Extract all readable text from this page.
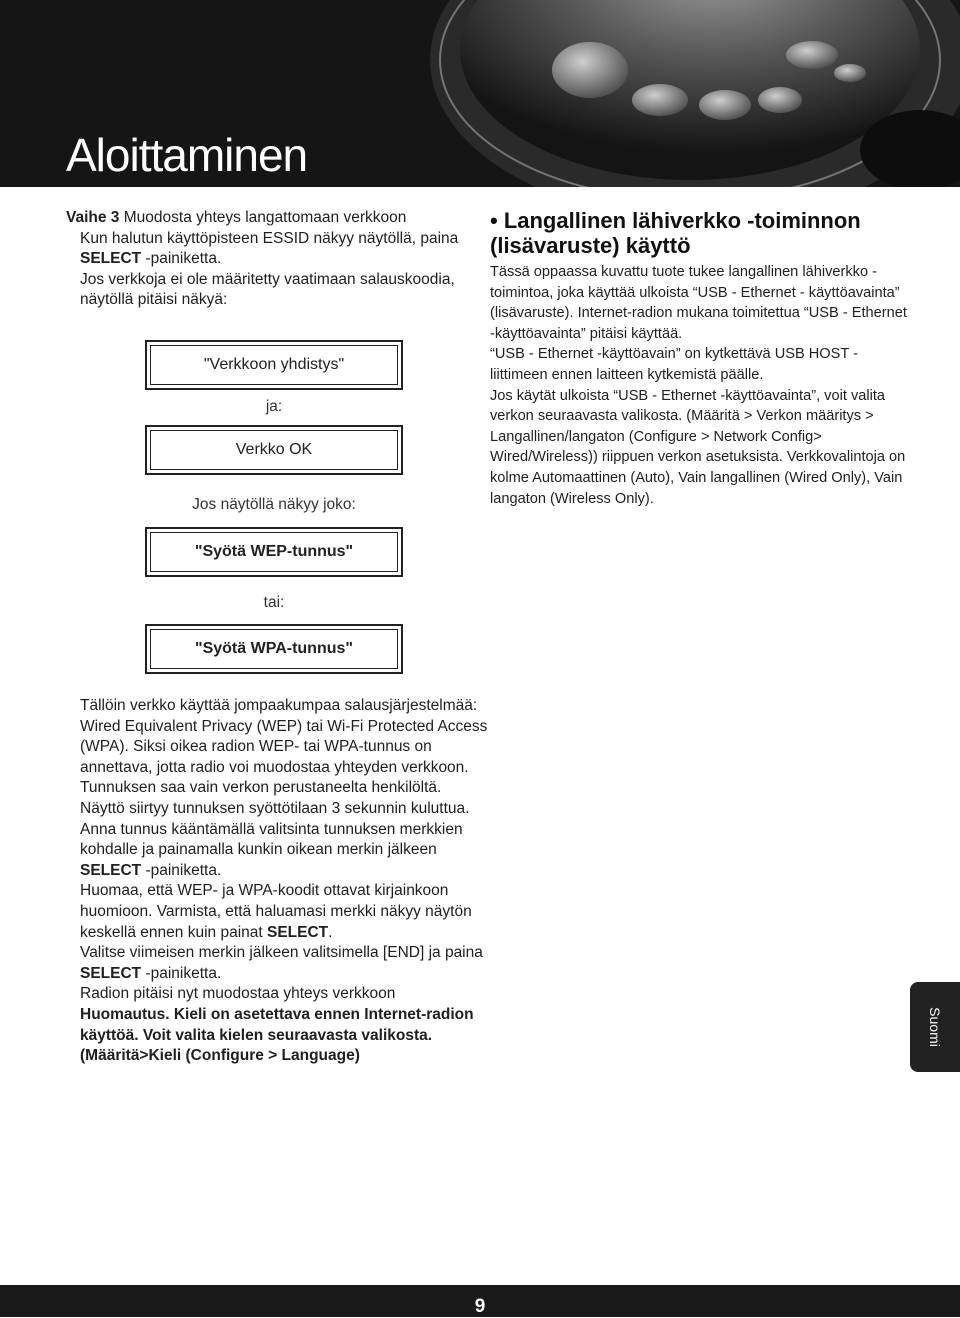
Aloittaminen

Vaihe 3 Muodosta yhteys langattomaan verkkoon

Kun halutun käyttöpisteen ESSID näkyy näytöllä, paina
SELECT -painiketta.

Jos verkkoja ei ole määritetty vaatimaan salauskoodia, näytöllä pitäisi näkyä:

"Verkkoon yhdistys"
ja:
Verkko OK
Jos näytöllä näkyy joko:
"Syötä WEP-tunnus"
tai:
"Syötä WPA-tunnus"
• Langallinen lähiverkko -toiminnon (lisävaruste) käyttö

Tässä oppaassa kuvattu tuote tukee langallinen lähiverkko -toimintoa, joka käyttää ulkoista “USB - Ethernet - käyttöavainta” (lisävaruste). Internet-radion mukana toimitettua “USB - Ethernet -käyttöavainta” pitäisi käyttää.

“USB - Ethernet -käyttöavain” on kytkettävä USB HOST -liittimeen ennen laitteen kytkemistä päälle.

Jos käytät ulkoista “USB - Ethernet -käyttöavainta”, voit valita verkon seuraavasta valikosta. (Määritä > Verkon määritys > Langallinen/langaton (Configure > Network Config> Wired/Wireless)) riippuen verkon asetuksista. Verkkovalintoja on kolme Automaattinen (Auto), Vain langallinen (Wired Only), Vain langaton (Wireless Only).

Tällöin verkko käyttää jompaakumpaa salausjärjestelmää: Wired Equivalent Privacy (WEP) tai Wi-Fi Protected Access (WPA). Siksi oikea radion WEP- tai WPA-tunnus on annettava, jotta radio voi muodostaa yhteyden verkkoon. Tunnuksen saa vain verkon perustaneelta henkilöltä.

Näyttö siirtyy tunnuksen syöttötilaan 3 sekunnin kuluttua.

Anna tunnus kääntämällä valitsinta tunnuksen merkkien kohdalle ja painamalla kunkin oikean merkin jälkeen SELECT -painiketta.

Huomaa, että WEP- ja WPA-koodit ottavat kirjainkoon huomioon. Varmista, että haluamasi merkki näkyy näytön keskellä ennen kuin painat SELECT.

Valitse viimeisen merkin jälkeen valitsimella [END] ja paina SELECT -painiketta.

Radion pitäisi nyt muodostaa yhteys verkkoon

Huomautus. Kieli on asetettava ennen Internet-radion käyttöä. Voit valita kielen seuraavasta valikosta. (Määritä>Kieli (Configure > Language)

Suomi
9
